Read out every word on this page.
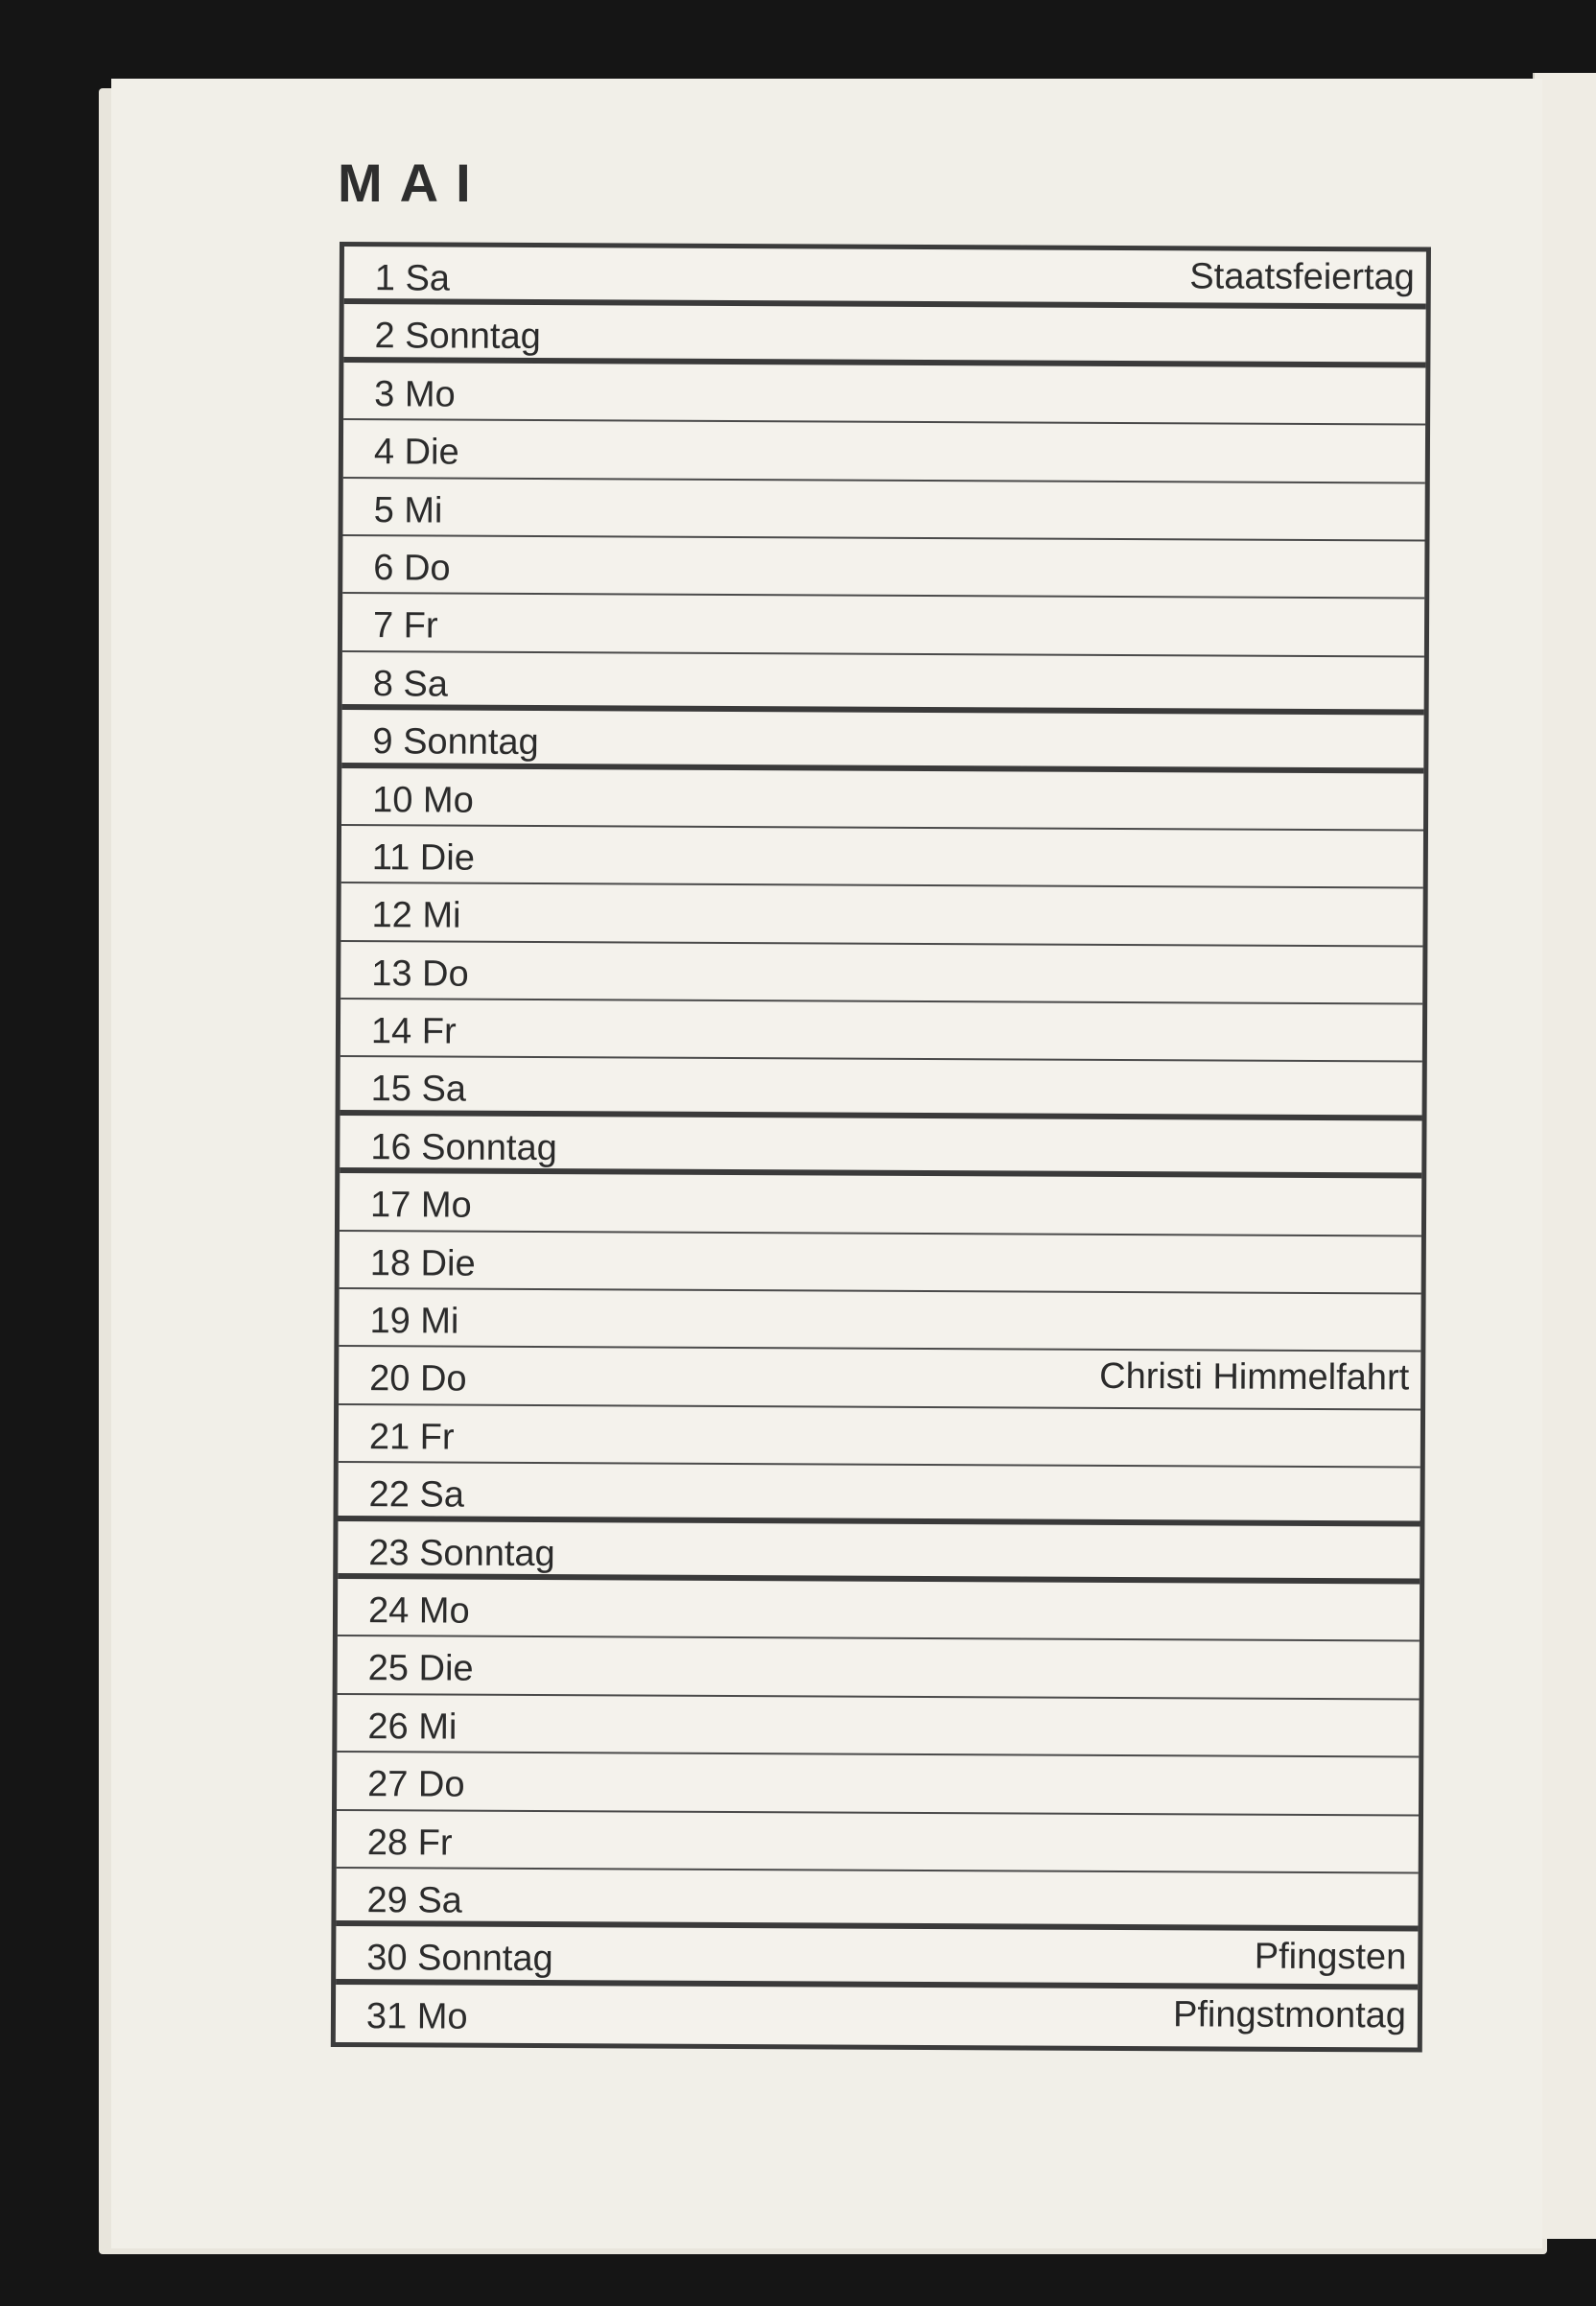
MAI
1 Sa	Staatsfeiertag
2 Sonntag
3 Mo
4 Die
5 Mi
6 Do
7 Fr
8 Sa
9 Sonntag
10 Mo
11 Die
12 Mi
13 Do
14 Fr
15 Sa
16 Sonntag
17 Mo
18 Die
19 Mi
20 Do	Christi Himmelfahrt
21 Fr
22 Sa
23 Sonntag
24 Mo
25 Die
26 Mi
27 Do
28 Fr
29 Sa
30 Sonntag	Pfingsten
31 Mo	Pfingstmontag
